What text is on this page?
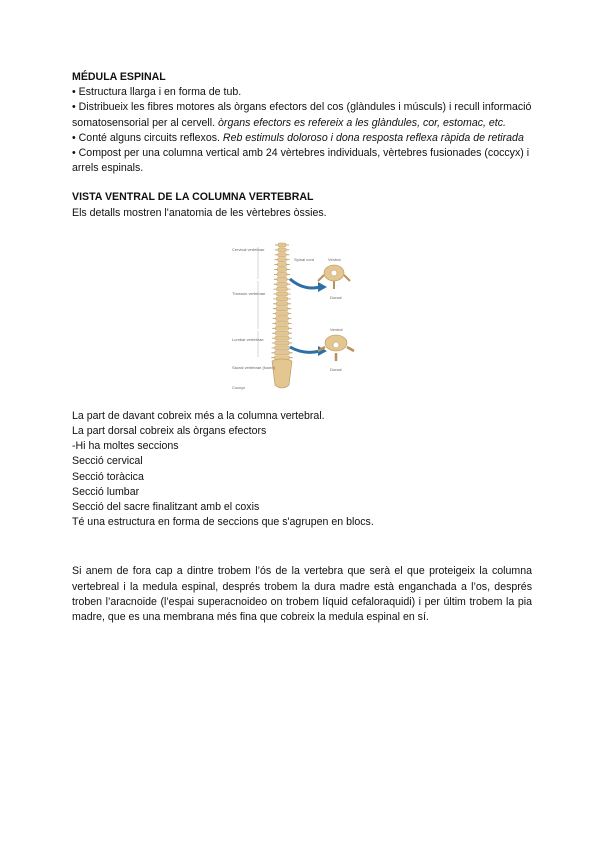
MÉDULA ESPINAL

• Estructura llarga i en forma de tub.

• Distribueix les fibres motores als òrgans efectors del cos (glàndules i músculs) i recull informació somatosensorial per al cervell. òrgans efectors es refereix a les glàndules, cor, estomac, etc.

• Conté alguns circuits reflexos. Reb estimuls doloroso i dona resposta reflexa ràpida de retirada

• Compost per una columna vertical amb 24 vèrtebres individuals, vèrtebres fusionades (coccyx) i arrels espinals.

VISTA VENTRAL DE LA COLUMNA VERTEBRAL

Els detalls mostren l'anatomia de les vèrtebres òssies.

Cervical vertebrae
Thoracic vertebrae
Lumbar vertebrae
Sacral vertebrae (fused)
Coccyx
Spinal cord	Ventral
Dorsal
Ventral
Dorsal

La part de davant cobreix més a la columna vertebral.

La part dorsal cobreix als òrgans efectors

-Hi ha moltes seccions

Secció cervical

Secció toràcica

Secció lumbar

Secció del sacre finalitzant amb el coxis

Té una estructura en forma de seccions que s'agrupen en blocs.

Si anem de fora cap a dintre trobem l’ós de la vertebra que serà el que proteigeix la columna vertebreal i la medula espinal, després trobem la dura madre està enganchada a l’os, després troben l’aracnoide (l’espai superacnoideo on trobem líquid cefaloraquidi) i per últim trobem la pia madre, que es una membrana més fina que cobreix la medula espinal en sí.
